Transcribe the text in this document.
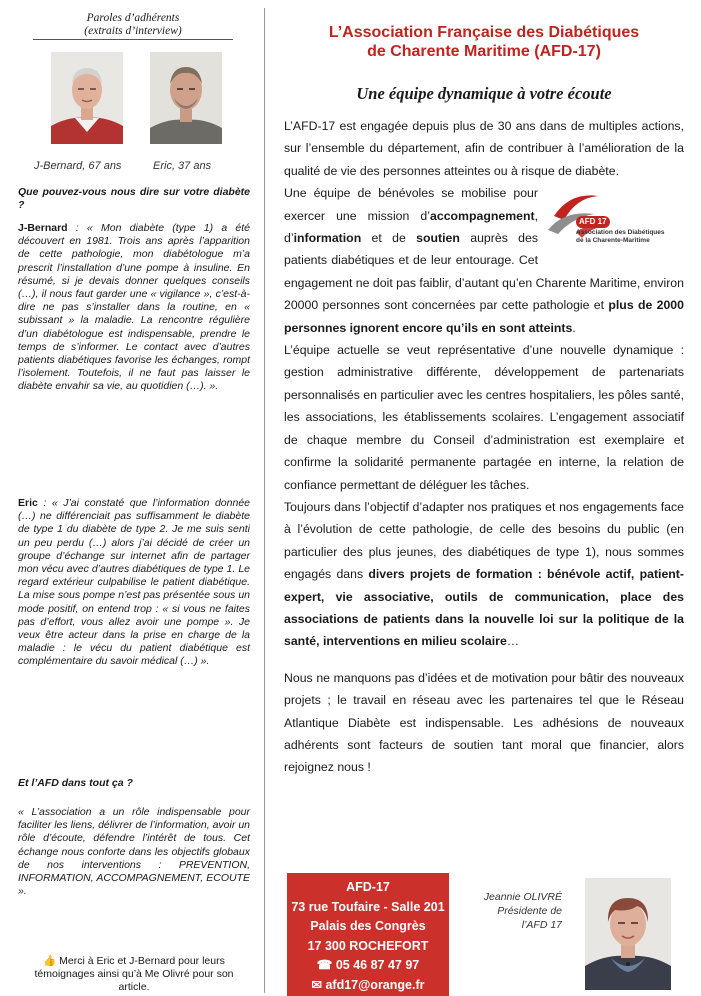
Paroles d’adhérents
(extraits d’interview)
J-Bernard, 67 ans	Eric, 37 ans
Que pouvez-vous nous dire sur votre diabète ?
J-Bernard : « Mon diabète (type 1) a été découvert en 1981. Trois ans après l’apparition de cette pathologie, mon diabétologue m’a prescrit l’installation d’une pompe à insuline. En résumé, si je devais donner quelques conseils (…), il nous faut garder une « vigilance », c’est-à-dire ne pas s’installer dans la routine, en « subissant » la maladie. La rencontre régulière d’un diabétologue est indispensable, prendre le temps de s’informer. Le contact avec d’autres patients diabétiques favorise les échanges, rompt l’isolement. Toutefois, il ne faut pas laisser le diabète envahir sa vie, au quotidien (…). ».
Eric : « J’ai constaté que l’information donnée (…) ne différenciait pas suffisamment le diabète de type 1 du diabète de type 2. Je me suis senti un peu perdu (…) alors j’ai décidé de créer un groupe d’échange sur internet afin de partager mon vécu avec d’autres diabétiques de type 1. Le regard extérieur culpabilise le patient diabétique. La mise sous pompe n’est pas présentée sous un mode positif, on entend trop : « si vous ne faites pas d’effort, vous allez avoir une pompe ». Je veux être acteur dans la prise en charge de la maladie : le vécu du patient diabétique est complémentaire du savoir médical (…) ».
Et l’AFD dans tout ça ?
« L’association a un rôle indispensable pour faciliter les liens, délivrer de l’information, avoir un rôle d’écoute, défendre l’intérêt de tous. Cet échange nous conforte dans les objectifs globaux de nos interventions : PREVENTION, INFORMATION, ACCOMPAGNEMENT, ECOUTE ».
👍 Merci à Eric et J-Bernard pour leurs témoignages ainsi qu’à Me Olivré pour son article.
L’Association Française des Diabétiques
de Charente Maritime (AFD-17)
Une équipe dynamique à votre écoute

L’AFD-17 est engagée depuis plus de 30 ans dans de multiples actions, sur l’ensemble du département, afin de contribuer à l’amélioration de la qualité de vie des personnes atteintes ou à risque de diabète.

AFD 17
Association des Diabétiques
de la Charente-Maritime
Une équipe de bénévoles se mobilise pour exercer une mission d’accompagnement, d’information et de soutien auprès des patients diabétiques et de leur entourage. Cet engagement ne doit pas faiblir, d’autant qu’en Charente Maritime, environ 20000 personnes sont concernées par cette pathologie et plus de 2000 personnes ignorent encore qu’ils en sont atteints.

L’équipe actuelle se veut représentative d’une nouvelle dynamique : gestion administrative différente, développement de partenariats personnalisés en particulier avec les centres hospitaliers, les pôles santé, les associations, les établissements scolaires. L’engagement associatif de chaque membre du Conseil d’administration est exemplaire et confirme la solidarité permanente partagée en interne, la relation de confiance permettant de déléguer les tâches.

Toujours dans l’objectif d’adapter nos pratiques et nos engagements face à l’évolution de cette pathologie, de celle des besoins du public (en particulier des plus jeunes, des diabétiques de type 1), nous sommes engagés dans divers projets de formation : bénévole actif, patient-expert, vie associative, outils de communication, place des associations de patients dans la nouvelle loi sur la politique de la santé, interventions en milieu scolaire…

Nous ne manquons pas d’idées et de motivation pour bâtir des nouveaux projets ; le travail en réseau avec les partenaires tel que le Réseau Atlantique Diabète est indispensable. Les adhésions de nouveaux adhérents sont facteurs de soutien tant moral que financier, alors rejoignez nous !

AFD-17
73 rue Toufaire - Salle 201
Palais des Congrès
17 300 ROCHEFORT
☎ 05 46 87 47 97
✉ afd17@orange.fr
Jeannie OLIVRÉ
Présidente de
l’AFD 17
